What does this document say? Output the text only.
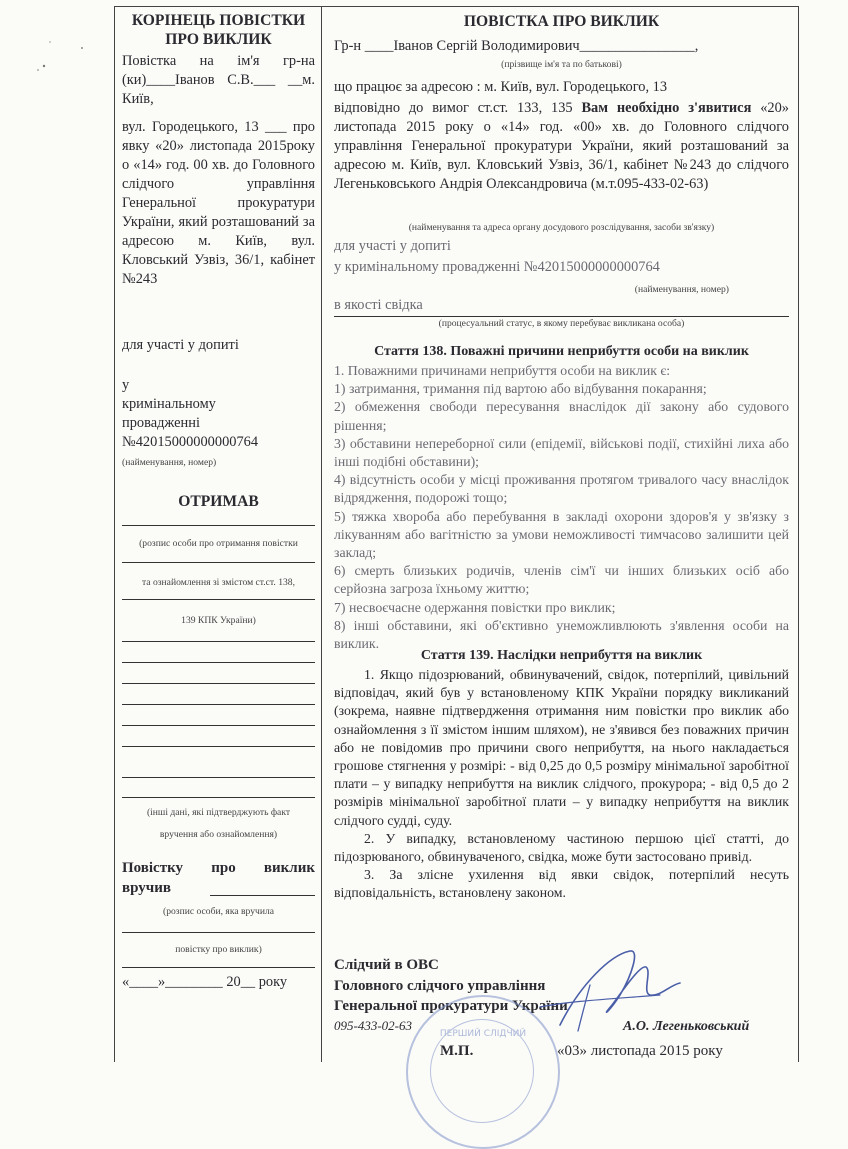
КОРІНЕЦЬ ПОВІСТКИ
ПРО ВИКЛИК
Повістка на ім'я гр-на (ки)____Іванов С.В.___ __м. Київ,
вул. Городецького, 13 ___ про явку «20» листопада 2015року о «14» год. 00 хв. до Головного слідчого управління Генеральної прокуратури України, який розташований за адресою м. Київ, вул. Кловський Узвіз, 36/1, кабінет №243
для участі у допиті
у
кримінальному
провадженні
№42015000000000764
(найменування, номер)
ОТРИМАВ
(розпис особи про отримання повістки
та ознайомлення зі змістом ст.ст. 138,
139 КПК України)
(інші дані, які підтверджують факт
вручення або ознайомлення)
Повістку про виклик вручив
(розпис особи, яка вручила
повістку про виклик)
«____»________ 20__ року
ПОВІСТКА ПРО ВИКЛИК
Гр-н ____Іванов Сергій Володимирович________________,
(прізвище ім'я та по батькові)
що працює за адресою : м. Київ, вул. Городецького, 13
відповідно до вимог ст.ст. 133, 135 Вам необхідно з'явитися «20» листопада 2015 року о «14» год. «00» хв. до Головного слідчого управління Генеральної прокуратури України, який розташований за адресою м. Київ, вул. Кловський Узвіз, 36/1, кабінет №243 до слідчого Легеньковського Андрія Олександровича (м.т.095-433-02-63)
(найменування та адреса органу досудового розслідування, засоби зв'язку)
для участі у допиті
у кримінальному провадженні №42015000000000764
(найменування, номер)
в якості свідка
(процесуальний статус, в якому перебуває викликана особа)
Стаття 138. Поважні причини неприбуття особи на виклик
1. Поважними причинами неприбуття особи на виклик є:
1) затримання, тримання під вартою або відбування покарання;
2) обмеження свободи пересування внаслідок дії закону або судового рішення;
3) обставини непереборної сили (епідемії, військові події, стихійні лиха або інші подібні обставини);
4) відсутність особи у місці проживання протягом тривалого часу внаслідок відрядження, подорожі тощо;
5) тяжка хвороба або перебування в закладі охорони здоров'я у зв'язку з лікуванням або вагітністю за умови неможливості тимчасово залишити цей заклад;
6) смерть близьких родичів, членів сім'ї чи інших близьких осіб або серйозна загроза їхньому життю;
7) несвоєчасне одержання повістки про виклик;
8) інші обставини, які об'єктивно унеможливлюють з'явлення особи на виклик.
Стаття 139. Наслідки неприбуття на виклик
1. Якщо підозрюваний, обвинувачений, свідок, потерпілий, цивільний відповідач, який був у встановленому КПК України порядку викликаний (зокрема, наявне підтвердження отримання ним повістки про виклик або ознайомлення з її змістом іншим шляхом), не з'явився без поважних причин або не повідомив про причини свого неприбуття, на нього накладається грошове стягнення у розмірі: - від 0,25 до 0,5 розміру мінімальної заробітної плати – у випадку неприбуття на виклик слідчого, прокурора; - від 0,5 до 2 розмірів мінімальної заробітної плати – у випадку неприбуття на виклик слідчого судді, суду.
2. У випадку, встановленому частиною першою цієї статті, до підозрюваного, обвинуваченого, свідка, може бути застосовано привід.
3. За злісне ухилення від явки свідок, потерпілий несуть відповідальність, встановлену законом.
Слідчий в ОВС
Головного слідчого управління
Генеральної прокуратури України
095-433-02-63	А.О. Легеньковський
М.П.	«03» листопада 2015 року
ПЕРШИЙ СЛІДЧИЙ
